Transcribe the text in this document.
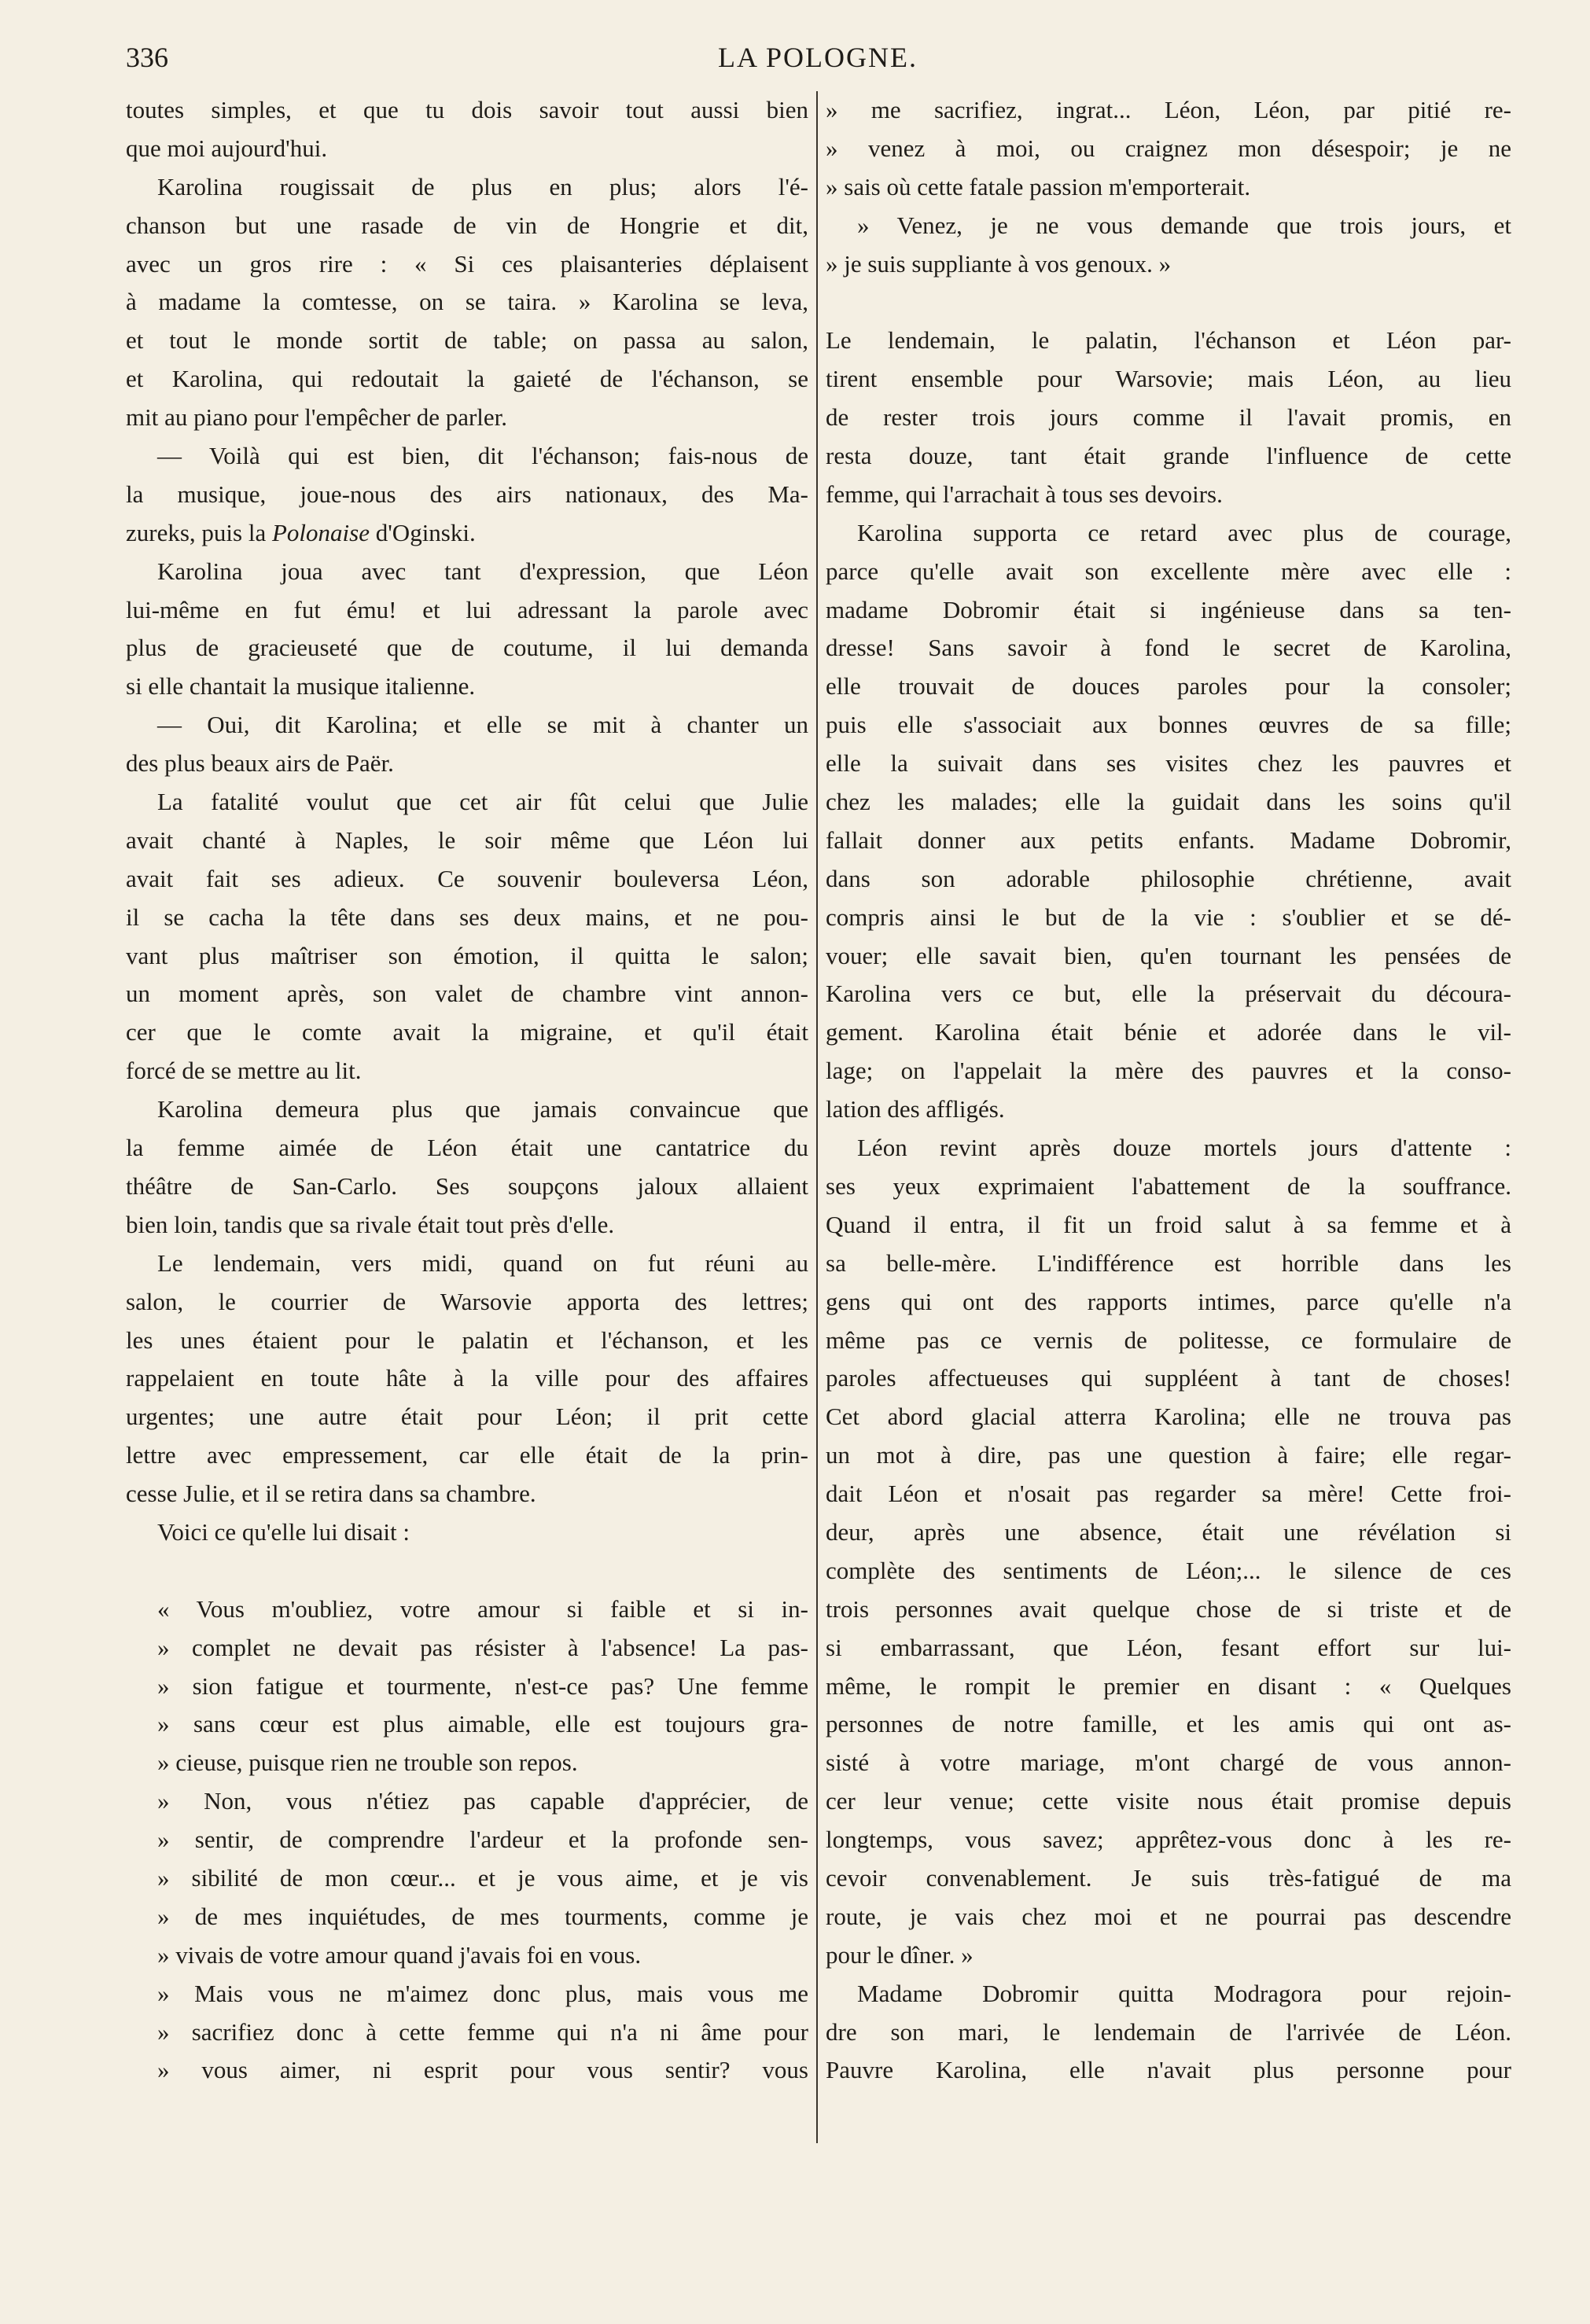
336	LA POLOGNE.
toutes simples, et que tu dois savoir tout aussi bien
que moi aujourd'hui.
Karolina rougissait de plus en plus; alors l'é-
chanson but une rasade de vin de Hongrie et dit,
avec un gros rire : « Si ces plaisanteries déplaisent
à madame la comtesse, on se taira. » Karolina se leva,
et tout le monde sortit de table; on passa au salon,
et Karolina, qui redoutait la gaieté de l'échanson, se
mit au piano pour l'empêcher de parler.
— Voilà qui est bien, dit l'échanson; fais-nous de
la musique, joue-nous des airs nationaux, des Ma-
zureks, puis la Polonaise d'Oginski.
Karolina joua avec tant d'expression, que Léon
lui-même en fut ému! et lui adressant la parole avec
plus de gracieuseté que de coutume, il lui demanda
si elle chantait la musique italienne.
— Oui, dit Karolina; et elle se mit à chanter un
des plus beaux airs de Paër.
La fatalité voulut que cet air fût celui que Julie
avait chanté à Naples, le soir même que Léon lui
avait fait ses adieux. Ce souvenir bouleversa Léon,
il se cacha la tête dans ses deux mains, et ne pou-
vant plus maîtriser son émotion, il quitta le salon;
un moment après, son valet de chambre vint annon-
cer que le comte avait la migraine, et qu'il était
forcé de se mettre au lit.
Karolina demeura plus que jamais convaincue que
la femme aimée de Léon était une cantatrice du
théâtre de San-Carlo. Ses soupçons jaloux allaient
bien loin, tandis que sa rivale était tout près d'elle.
Le lendemain, vers midi, quand on fut réuni au
salon, le courrier de Warsovie apporta des lettres;
les unes étaient pour le palatin et l'échanson, et les
rappelaient en toute hâte à la ville pour des affaires
urgentes; une autre était pour Léon; il prit cette
lettre avec empressement, car elle était de la prin-
cesse Julie, et il se retira dans sa chambre.
Voici ce qu'elle lui disait :
« Vous m'oubliez, votre amour si faible et si in-
» complet ne devait pas résister à l'absence! La pas-
» sion fatigue et tourmente, n'est-ce pas? Une femme
» sans cœur est plus aimable, elle est toujours gra-
» cieuse, puisque rien ne trouble son repos.
» Non, vous n'étiez pas capable d'apprécier, de
» sentir, de comprendre l'ardeur et la profonde sen-
» sibilité de mon cœur... et je vous aime, et je vis
» de mes inquiétudes, de mes tourments, comme je
» vivais de votre amour quand j'avais foi en vous.
» Mais vous ne m'aimez donc plus, mais vous me
» sacrifiez donc à cette femme qui n'a ni âme pour
» vous aimer, ni esprit pour vous sentir? vous
» me sacrifiez, ingrat... Léon, Léon, par pitié re-
» venez à moi, ou craignez mon désespoir; je ne
» sais où cette fatale passion m'emporterait.
» Venez, je ne vous demande que trois jours, et
» je suis suppliante à vos genoux. »
Le lendemain, le palatin, l'échanson et Léon par-
tirent ensemble pour Warsovie; mais Léon, au lieu
de rester trois jours comme il l'avait promis, en
resta douze, tant était grande l'influence de cette
femme, qui l'arrachait à tous ses devoirs.
Karolina supporta ce retard avec plus de courage,
parce qu'elle avait son excellente mère avec elle :
madame Dobromir était si ingénieuse dans sa ten-
dresse! Sans savoir à fond le secret de Karolina,
elle trouvait de douces paroles pour la consoler;
puis elle s'associait aux bonnes œuvres de sa fille;
elle la suivait dans ses visites chez les pauvres et
chez les malades; elle la guidait dans les soins qu'il
fallait donner aux petits enfants. Madame Dobromir,
dans son adorable philosophie chrétienne, avait
compris ainsi le but de la vie : s'oublier et se dé-
vouer; elle savait bien, qu'en tournant les pensées de
Karolina vers ce but, elle la préservait du découra-
gement. Karolina était bénie et adorée dans le vil-
lage; on l'appelait la mère des pauvres et la conso-
lation des affligés.
Léon revint après douze mortels jours d'attente :
ses yeux exprimaient l'abattement de la souffrance.
Quand il entra, il fit un froid salut à sa femme et à
sa belle-mère. L'indifférence est horrible dans les
gens qui ont des rapports intimes, parce qu'elle n'a
même pas ce vernis de politesse, ce formulaire de
paroles affectueuses qui suppléent à tant de choses!
Cet abord glacial atterra Karolina; elle ne trouva pas
un mot à dire, pas une question à faire; elle regar-
dait Léon et n'osait pas regarder sa mère! Cette froi-
deur, après une absence, était une révélation si
complète des sentiments de Léon;... le silence de ces
trois personnes avait quelque chose de si triste et de
si embarrassant, que Léon, fesant effort sur lui-
même, le rompit le premier en disant : « Quelques
personnes de notre famille, et les amis qui ont as-
sisté à votre mariage, m'ont chargé de vous annon-
cer leur venue; cette visite nous était promise depuis
longtemps, vous savez; apprêtez-vous donc à les re-
cevoir convenablement. Je suis très-fatigué de ma
route, je vais chez moi et ne pourrai pas descendre
pour le dîner. »
Madame Dobromir quitta Modragora pour rejoin-
dre son mari, le lendemain de l'arrivée de Léon.
Pauvre Karolina, elle n'avait plus personne pour
